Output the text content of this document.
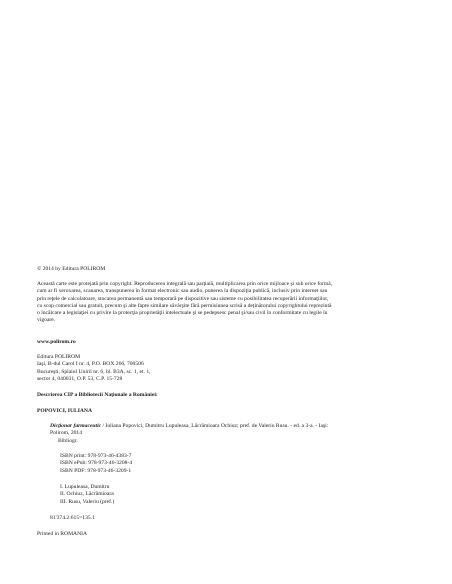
© 2014 by Editura POLIROM
Această carte este protejată prin copyright. Reproducerea integrală sau parţială, multiplicarea prin orice mijloace şi sub orice formă,
cum ar fi xeroxarea, scanarea, transpunerea în format electronic sau audio, punerea la dispoziţia publică, inclusiv prin internet sau
prin reţele de calculatoare, stocarea permanentă sau temporară pe dispozitive sau sisteme cu posibilitatea recuperării informaţiilor,
cu scop comercial sau gratuit, precum şi alte fapte similare săvârşite fără permisiunea scrisă a deţinătorului copyrightului reprezintă
o încălcare a legislaţiei cu privire la protecţia proprietăţii intelectuale şi se pedepsesc penal şi/sau civil în conformitate cu legile în
vigoare.
www.polirom.ro
Editura POLIROM
Iaşi, B-dul Carol I nr. 4, P.O. BOX 266, 700506
Bucureşti, Splaiul Unirii nr. 6, bl. B3A, sc. 1, et. 1,
sector 4, 040031, O.P. 53, C.P. 15-728
Descrierea CIP a Bibliotecii Naţionale a României:
POPOVICI, IULIANA
Dicţionar farmaceutic / Iuliana Popovici, Dumitru Lupuleasa, Lăcrămioara Ochiuz; pref. de Valeriu Rusu. - ed. a 3-a. - Iaşi:
Polirom, 2014
Bibliogr.
ISBN print: 978-973-46-4383-7
ISBN ePub: 978-973-46-3208-4
ISBN PDF: 978-973-46-3209-1
I. Lupuleasa, Dumitru
II. Ochiuz, Lăcrămioara
III. Rusu, Valeriu (pref.)
81'374.2:615=135.1
Printed in ROMANIA
